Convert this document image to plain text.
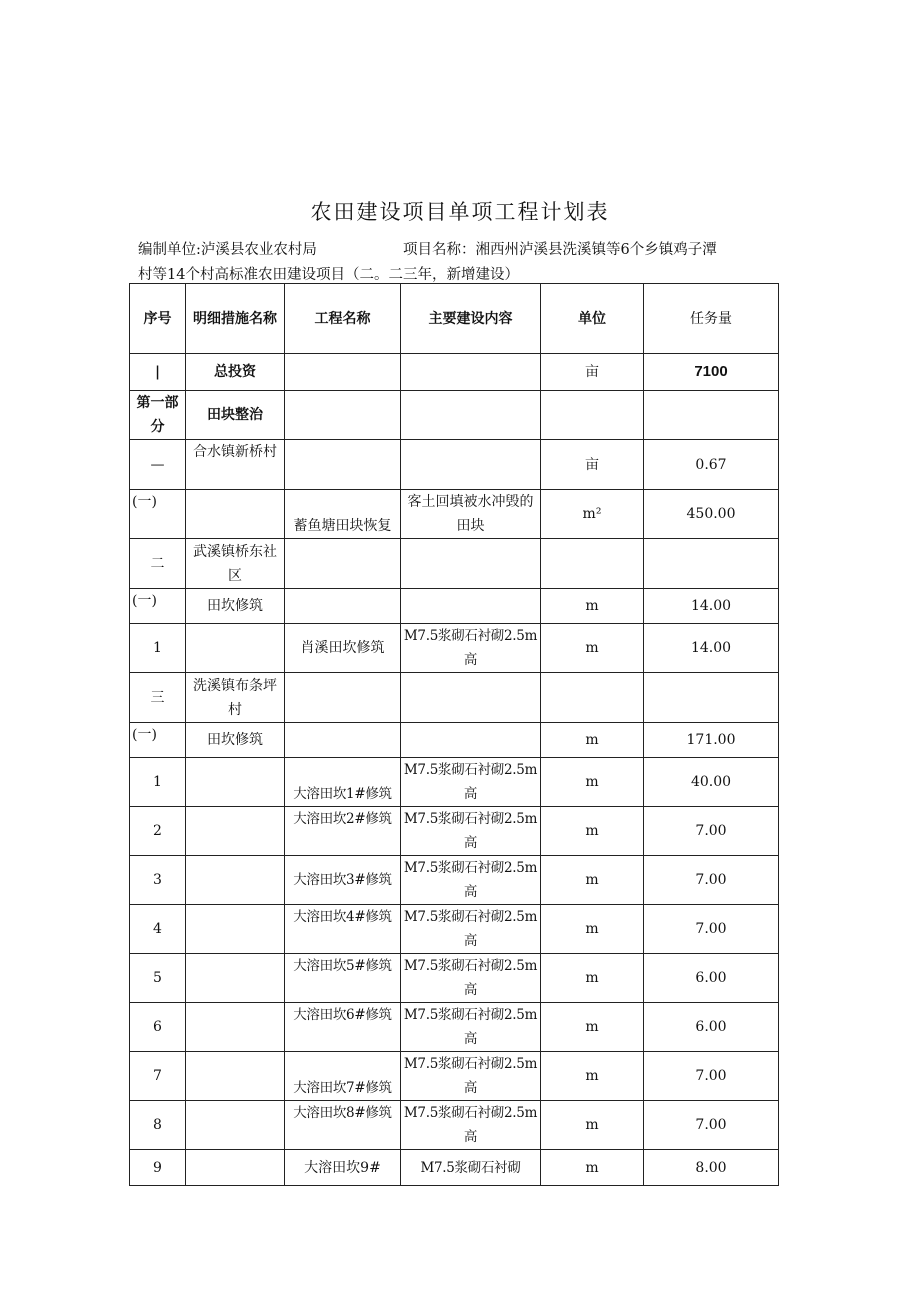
农田建设项目单项工程计划表
编制单位:泸溪县农业农村局	项目名称：湘西州泸溪县洗溪镇等6个乡镇鸡子潭
村等14个村高标准农田建设项目（二。二三年，新增建设）
序号	明细措施名称	工程名称	主要建设内容	单位	任务量
|	总投资			亩	7100
第一部分	田块整治				
—	合水镇新桥村			亩	0.67
(一)		蓄鱼塘田块恢复	客土回填被水冲毁的田块	m²	450.00
二	武溪镇桥东社区				
(一)	田坎修筑			m	14.00
1		肖溪田坎修筑	M7.5浆砌石衬砌2.5m高	m	14.00
三	洗溪镇布条坪村				
(一)	田坎修筑			m	171.00
1		大溶田坎1#修筑	M7.5浆砌石衬砌2.5m高	m	40.00
2		大溶田坎2#修筑	M7.5浆砌石衬砌2.5m高	m	7.00
3		大溶田坎3#修筑	M7.5浆砌石衬砌2.5m高	m	7.00
4		大溶田坎4#修筑	M7.5浆砌石衬砌2.5m高	m	7.00
5		大溶田坎5#修筑	M7.5浆砌石衬砌2.5m高	m	6.00
6		大溶田坎6#修筑	M7.5浆砌石衬砌2.5m高	m	6.00
7		大溶田坎7#修筑	M7.5浆砌石衬砌2.5m高	m	7.00
8		大溶田坎8#修筑	M7.5浆砌石衬砌2.5m高	m	7.00
9		大溶田坎9#	M7.5浆砌石衬砌	m	8.00
